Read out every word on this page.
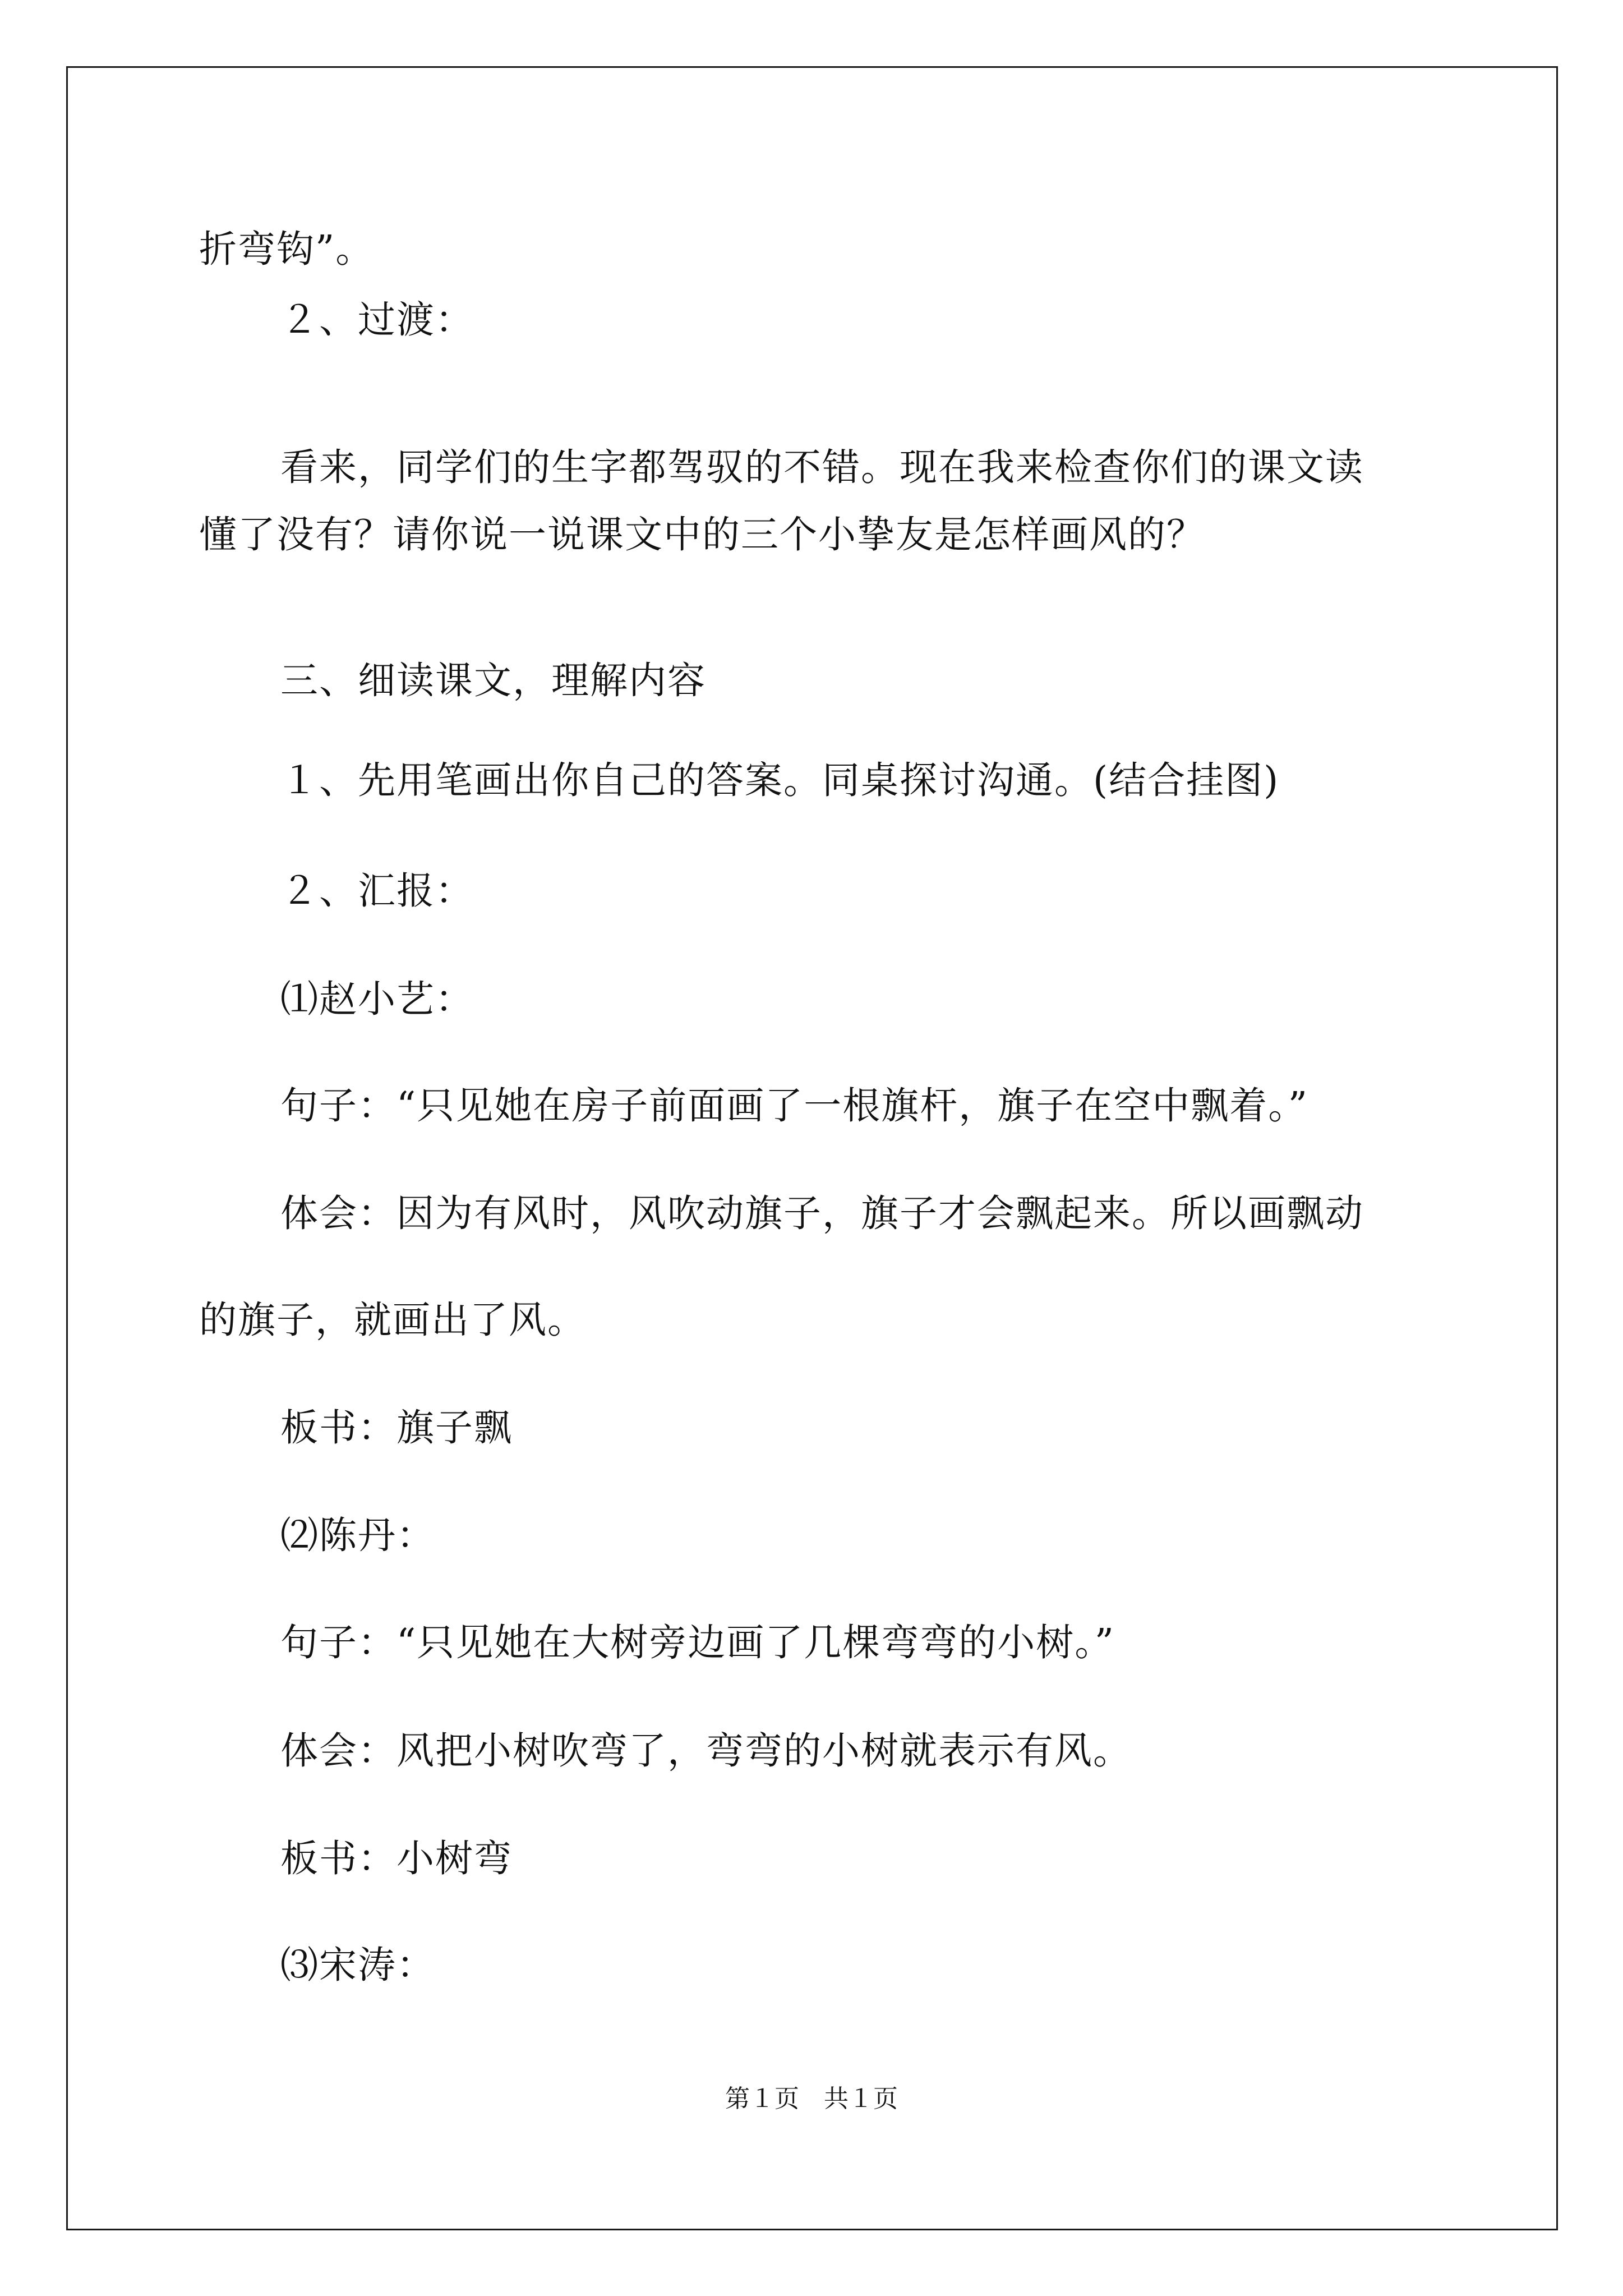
折弯钩”。
２、过渡：
看来，同学们的生字都驾驭的不错。现在我来检查你们的课文读
懂了没有？请你说一说课文中的三个小挚友是怎样画风的？
三、细读课文，理解内容
１、先用笔画出你自己的答案。同桌探讨沟通。(结合挂图)
２、汇报：
⑴赵小艺：
句子：“只见她在房子前面画了一根旗杆，旗子在空中飘着。”
体会：因为有风时，风吹动旗子，旗子才会飘起来。所以画飘动
的旗子，就画出了风。
板书：旗子飘
⑵陈丹：
句子：“只见她在大树旁边画了几棵弯弯的小树。”
体会：风把小树吹弯了，弯弯的小树就表示有风。
板书：小树弯
⑶宋涛：
第１页　共１页
